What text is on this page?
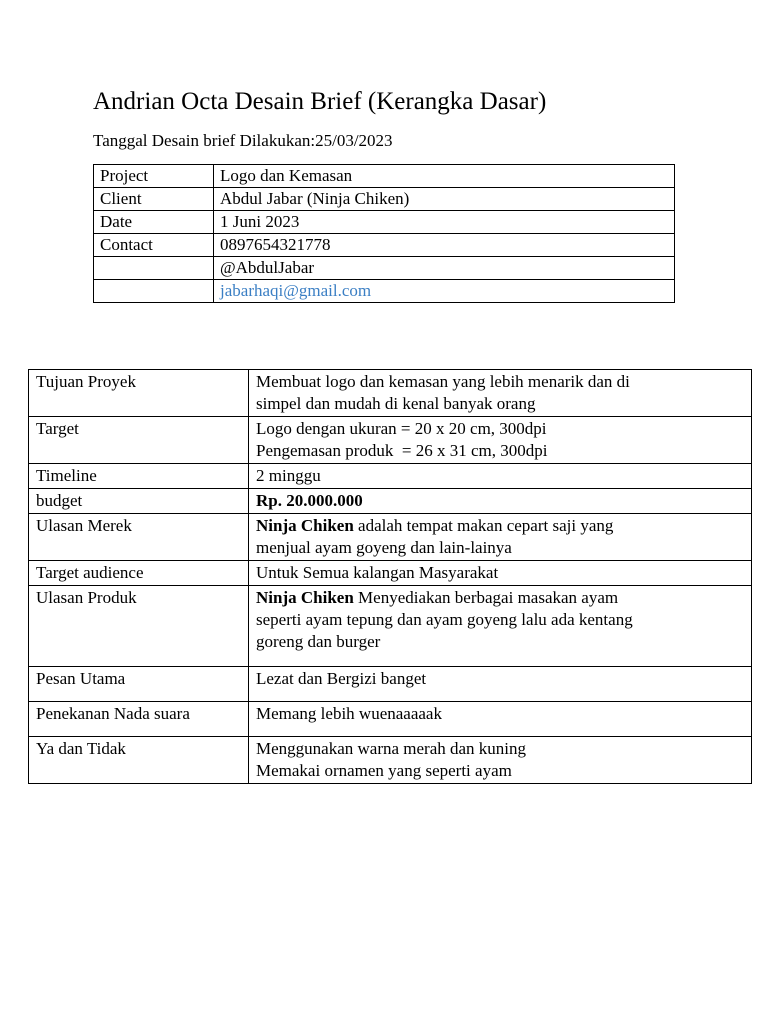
Andrian Octa Desain Brief (Kerangka Dasar)
Tanggal Desain brief Dilakukan:25/03/2023
Project	Logo dan Kemasan
Client	Abdul Jabar (Ninja Chiken)
Date	1 Juni 2023
Contact	0897654321778
	@AbdulJabar
	jabarhaqi@gmail.com
Tujuan Proyek	Membuat logo dan kemasan yang lebih menarik dan di
simpel dan mudah di kenal banyak orang

Target	Logo dengan ukuran = 20 x 20 cm, 300dpi
Pengemasan produk  = 26 x 31 cm, 300dpi

Timeline	2 minggu
budget	Rp. 20.000.000
Ulasan Merek	Ninja Chiken adalah tempat makan cepart saji yang
menjual ayam goyeng dan lain-lainya

Target audience	Untuk Semua kalangan Masyarakat
Ulasan Produk	Ninja Chiken Menyediakan berbagai masakan ayam
seperti ayam tepung dan ayam goyeng lalu ada kentang
goreng dan burger

Pesan Utama	Lezat dan Bergizi banget
Penekanan Nada suara	Memang lebih wuenaaaaak
Ya dan Tidak	Menggunakan warna merah dan kuning
Memakai ornamen yang seperti ayam
